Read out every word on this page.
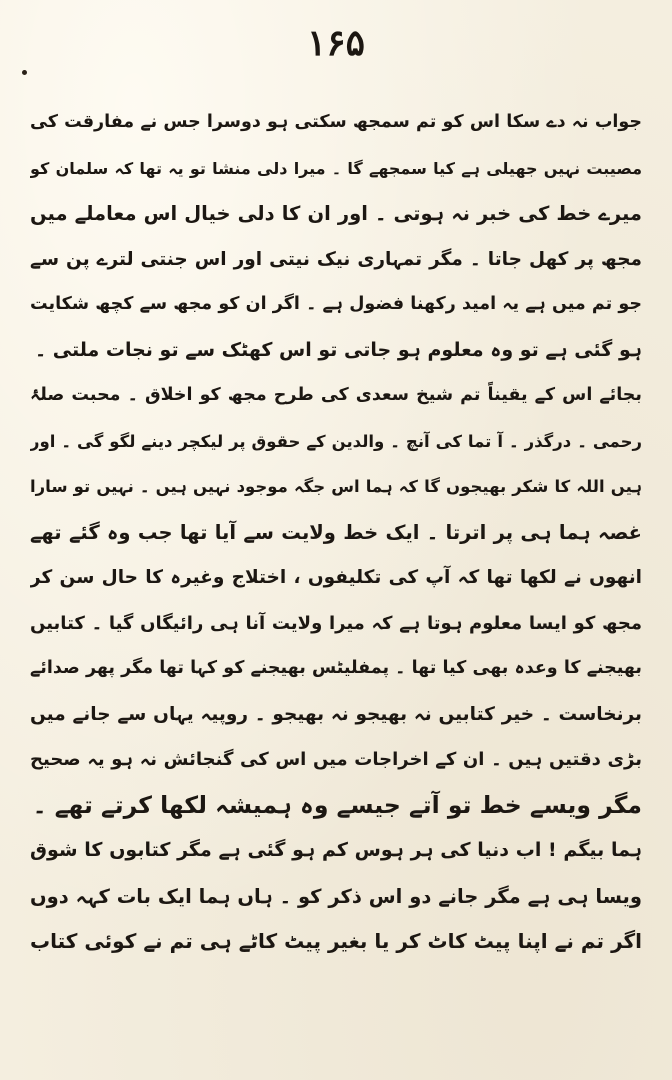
۱۶۵
جواب نہ دے سکا اس کو تم سمجھ سکتی ہو دوسرا جس نے مفارقت کی
مصیبت نہیں جھیلی ہے کیا سمجھے گا ۔ میرا دلی منشا تو یہ تھا کہ سلمان کو
میرے خط کی خبر نہ ہوتی ۔ اور ان کا دلی خیال اس معاملے میں
مجھ پر کھل جاتا ۔ مگر تمہاری نیک نیتی اور اس جنتی لترے پن سے
جو تم میں ہے یہ امید رکھنا فضول ہے ۔ اگر ان کو مجھ سے کچھ شکایت
ہو گئی ہے تو وہ معلوم ہو جاتی تو اس کھٹک سے تو نجات ملتی ۔
بجائے اس کے یقیناً تم شیخ سعدی کی طرح مجھ کو اخلاق ۔ محبت صلۂ
رحمی ۔ درگذر ۔ آ تما کی آنچ ۔ والدین کے حقوق پر لیکچر دینے لگو گی ۔ اور
ہیں اللہ کا شکر بھیجوں گا کہ ہما اس جگہ موجود نہیں ہیں ۔ نہیں تو سارا
غصہ ہما ہی پر اترتا ۔ ایک خط ولایت سے آیا تھا جب وہ گئے تھے
انھوں نے لکھا تھا کہ آپ کی تکلیفوں ، اختلاج وغیرہ کا حال سن کر
مجھ کو ایسا معلوم ہوتا ہے کہ میرا ولایت آنا ہی رائیگاں گیا ۔ کتابیں
بھیجنے کا وعدہ بھی کیا تھا ۔ پمفلیٹس بھیجنے کو کہا تھا مگر پھر صدائے
برنخاست ۔ خیر کتابیں نہ بھیجو نہ بھیجو ۔ روپیہ یہاں سے جانے میں
بڑی دقتیں ہیں ۔ ان کے اخراجات میں اس کی گنجائش نہ ہو یہ صحیح
مگر ویسے خط تو آتے جیسے وہ ہمیشہ لکھا کرتے تھے ۔
ہما بیگم ! اب دنیا کی ہر ہوس کم ہو گئی ہے مگر کتابوں کا شوق
ویسا ہی ہے مگر جانے دو اس ذکر کو ۔ ہاں ہما ایک بات کہہ دوں
اگر تم نے اپنا پیٹ کاٹ کر یا بغیر پیٹ کاٹے ہی تم نے کوئی کتاب
